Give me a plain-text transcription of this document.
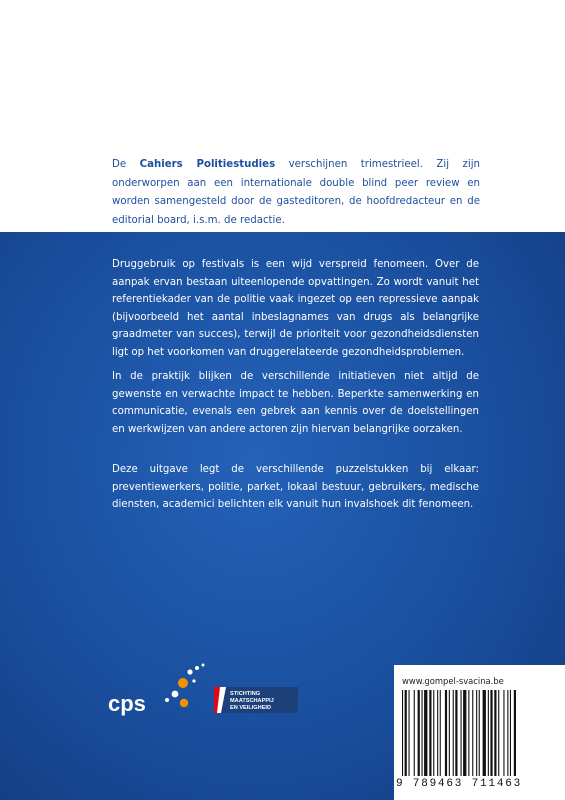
De Cahiers Politiestudies verschijnen trimestrieel. Zij zijn onderworpen aan een internationale double blind peer review en worden samengesteld door de gasteditoren, de hoofdredacteur en de editorial board, i.s.m. de redactie.

Druggebruik op festivals is een wijd verspreid fenomeen. Over de aanpak ervan bestaan uiteenlopende opvattingen. Zo wordt vanuit het referentiekader van de politie vaak ingezet op een repressieve aanpak (bijvoorbeeld het aantal inbeslagnames van drugs als belangrijke graadmeter van succes), terwijl de prioriteit voor gezondheidsdiensten ligt op het voorkomen van druggerelateerde gezondheidsproblemen.

In de praktijk blijken de verschillende initiatieven niet altijd de gewenste en verwachte impact te hebben. Beperkte samenwerking en communicatie, evenals een gebrek aan kennis over de doelstellingen en werkwijzen van andere actoren zijn hiervan belangrijke oorzaken.

Deze uitgave legt de verschillende puzzelstukken bij elkaar: preventiewerkers, politie, parket, lokaal bestuur, gebruikers, medische diensten, academici belichten elk vanuit hun invalshoek dit fenomeen.

cps	STICHTING
MAATSCHAPPIJ
EN VEILIGHEID
www.gompel-svacina.be
9 789463 711463
